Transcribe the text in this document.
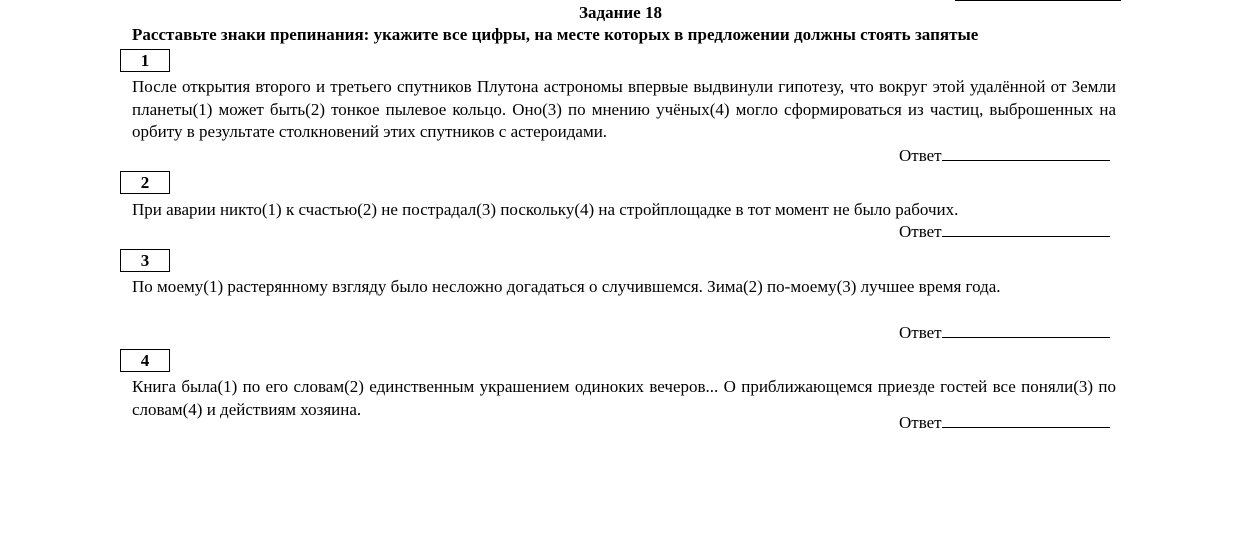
Задание 18
Расставьте знаки препинания: укажите все цифры, на месте которых в предложении должны стоять запятые
1
После открытия второго и третьего спутников Плутона астрономы впервые выдвинули гипотезу, что вокруг этой удалённой от Земли планеты(1) может быть(2) тонкое пылевое кольцо. Оно(3) по мнению учёных(4) могло сформироваться из частиц, выброшенных на орбиту в результате столкновений этих спутников с астероидами.
Ответ
2
При аварии никто(1) к счастью(2) не пострадал(3) поскольку(4) на стройплощадке в тот момент не было рабочих.
Ответ
3
По моему(1) растерянному взгляду было несложно догадаться о случившемся. Зима(2) по-моему(3) лучшее время года.
Ответ
4
Книга была(1) по его словам(2) единственным украшением одиноких вечеров... О приближающемся приезде гостей все поняли(3) по словам(4) и действиям хозяина.
Ответ
